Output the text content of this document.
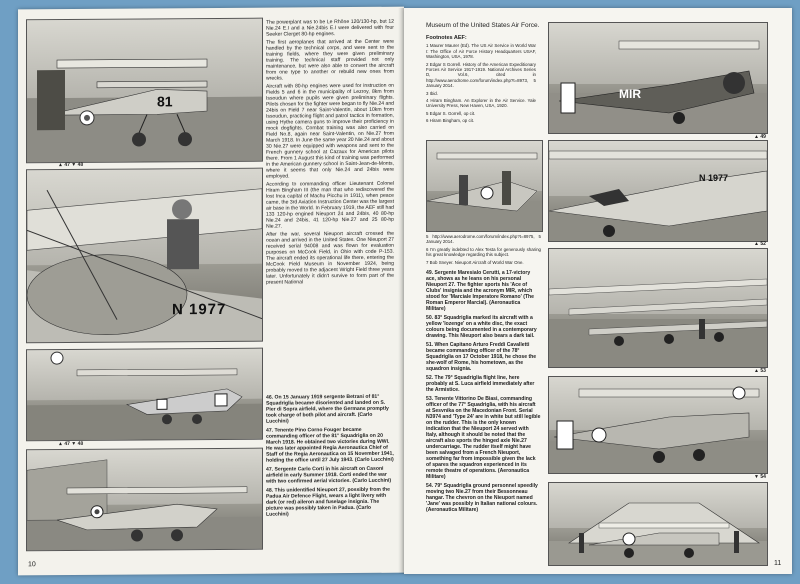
81
▲ 47 ▼ 48
N 1977
▲ 47 ▼ 48

The powerplant was to be Le Rhône 120/130-hp, but 12 Nie.24 E.I and a Nie.24bis E.I were delivered with four Seeker Clerget 80-hp engines.

The first aeroplanes that arrived at the Center were handled by the technical corps, and were sent to the training fields, where they were given preliminary training. The technical staff provided not only maintenance, but were also able to convert the aircraft from one type to another or rebuild new ones from wrecks.

Aircraft with 80-hp engines were used for instruction on Fields 5 and 6 in the municipality of Lezroy, 8km from Issoudun where pupils were given preliminary flights. Pilots chosen for the fighter were began to fly Nie.24 and 24bis on Field 7 near Saint-Valentin, about 10km from Issoudun, practicing flight and patrol tactics in formation, using Hythe camera guns to improve their proficiency in mock dogfights. Combat training was also carried on Field No.8, again near Saint-Valentin, on Nie.27 from March 1918. In June the same year 20 Nie.24 and about 30 Nie.27 were equipped with weapons and sent to the French gunnery school at Cazaux for American pilots there. From 1 August this kind of training was performed in the American gunnery school in Saint-Jean-de-Monts, where it seems that only Nie.24 and 24bis were employed.

According to commanding officer Lieutenant Colonel Hiram Bingham III (the man that who rediscovered the lost Inca capital of Machu Picchu in 1911), when peace came, the 3rd Aviation Instruction Center was the largest air base in the World. In February 1919, the AEF still had 133 120-hp engined Nieuport 24 and 24bis, 40 80-hp Nie.24 and 24bis, 41 120-hp Nie.27 and 25 80-hp Nie.27.

After the war, several Nieuport aircraft crossed the ocean and arrived in the United States. One Nieuport 27 received serial 94008 and was flown for evaluation purposes on McCook Field, in Ohio with code P-153. The aircraft ended its operational life there, entering the McCook Field Museum in November 1924, being probably moved to the adjacent Wright Field three years later. Unfortunately it didn't survive to form part of the present National

46. On 15 January 1919 sergente Betrani of 81° Squadriglia became disoriented and landed on S. Pier di Sopra airfield, where the Germans promptly took charge of both pilot and aircraft. (Carlo Lucchini)

47. Tenente Pino Corno Fouger became commanding officer of the 81° Squadriglia on 20 March 1918. He obtained two victories during WWI. He was later appointed Regia Aeronautica Chief of Staff of the Regia Aeronautica on 15 November 1941, holding the office until 27 July 1943. (Carlo Lucchini)

47. Sergente Carlo Corti in his aircraft on Casoni airfield in early Summer 1918. Corti ended the war with two confirmed aerial victories. (Carlo Lucchini)

48. This unidentified Nieuport 27, possibly from the Padua Air Defence Flight, wears a light livery with dark (or red) aileron and fuselage insignia. The picture was possibly taken in Padua. (Carlo Lucchini)

10
Museum of the United States Air Force.
Footnotes AEF:

1 Maurer Maurer (Ed). The US Air Service in World War I: The Office of Air Force History Headquarters USAF, Washington, USA, 1978.

2 Edgar S Gorrell. History of the American Expeditionary Forces Air Service 1917-1919. National Archives Series D, Vol.6, cited in http://www.aerodrome.com/forum/index.php?t=8973, 5 January 2014.

3 Ibid.

4 Hiram Bingham. An Explorer in the Air Service. Yale University Press, New Haven, USA, 1920.

5 Edgar S. Gorrell, op cit.

6 Hiram Bingham, op cit.

MIR
▲ 49
N 1977

5 http://www.aerodrome.com/forum/index.php?t=8975, 5 January 2014.

6 I'm greatly indebted to Alex Testa for generously sharing his great knowledge regarding this subject.

7 Bob Sneyer. Nieuport Aircraft of World War One.

▲ 52

49. Sergente Maresialo Cerutti, a 17-victory ace, shows as he leans on his personal Nieuport 27. The fighter sports his 'Ace of Clubs' insignia and the acronym MIR, which stood for 'Marciale Imperatore Romano' (The Roman Emperor Marcial). (Aeronautica Militare)

50. 83° Squadriglia marked its aircraft with a yellow 'lozenge' on a white disc, the exact colours being documented in a contemporary drawing. This Nieuport also bears a dark tail.

51. When Capitano Arturo Freddi Cavalletti became commanding officer of the 78° Squadriglia on 17 October 1918, he chose the she-wolf of Rome, his hometown, as the squadron insignia.

52. The 79° Squadriglia flight line, here probably at S. Luca airfield immediately after the Armistice.

53. Tenente Vittorino De Biasi, commanding officer of the 77° Squadriglia, with his aircraft at Sesvnika on the Macedonian Front. Serial N3974 and 'Type 24' are in white but still legible on the rudder. This is the only known indication that the Nieuport 24 served with Italy, although it should be noted that the aircraft also sports the hinged axle Nie.27 undercarriage. The rudder itself might have been salvaged from a French Nieuport, something far from impossible given the lack of spares the squadron experienced in its remote theatre of operations. (Aeronautica Militare)

54. 79° Squadriglia ground personnel speedily moving two Nie.27 from their Bessonneau hangar. The chevron on the Nieuport named 'Jane' was possibly in Italian national colours. (Aeronautica Militare)

▲ 53
▼ 54
11
